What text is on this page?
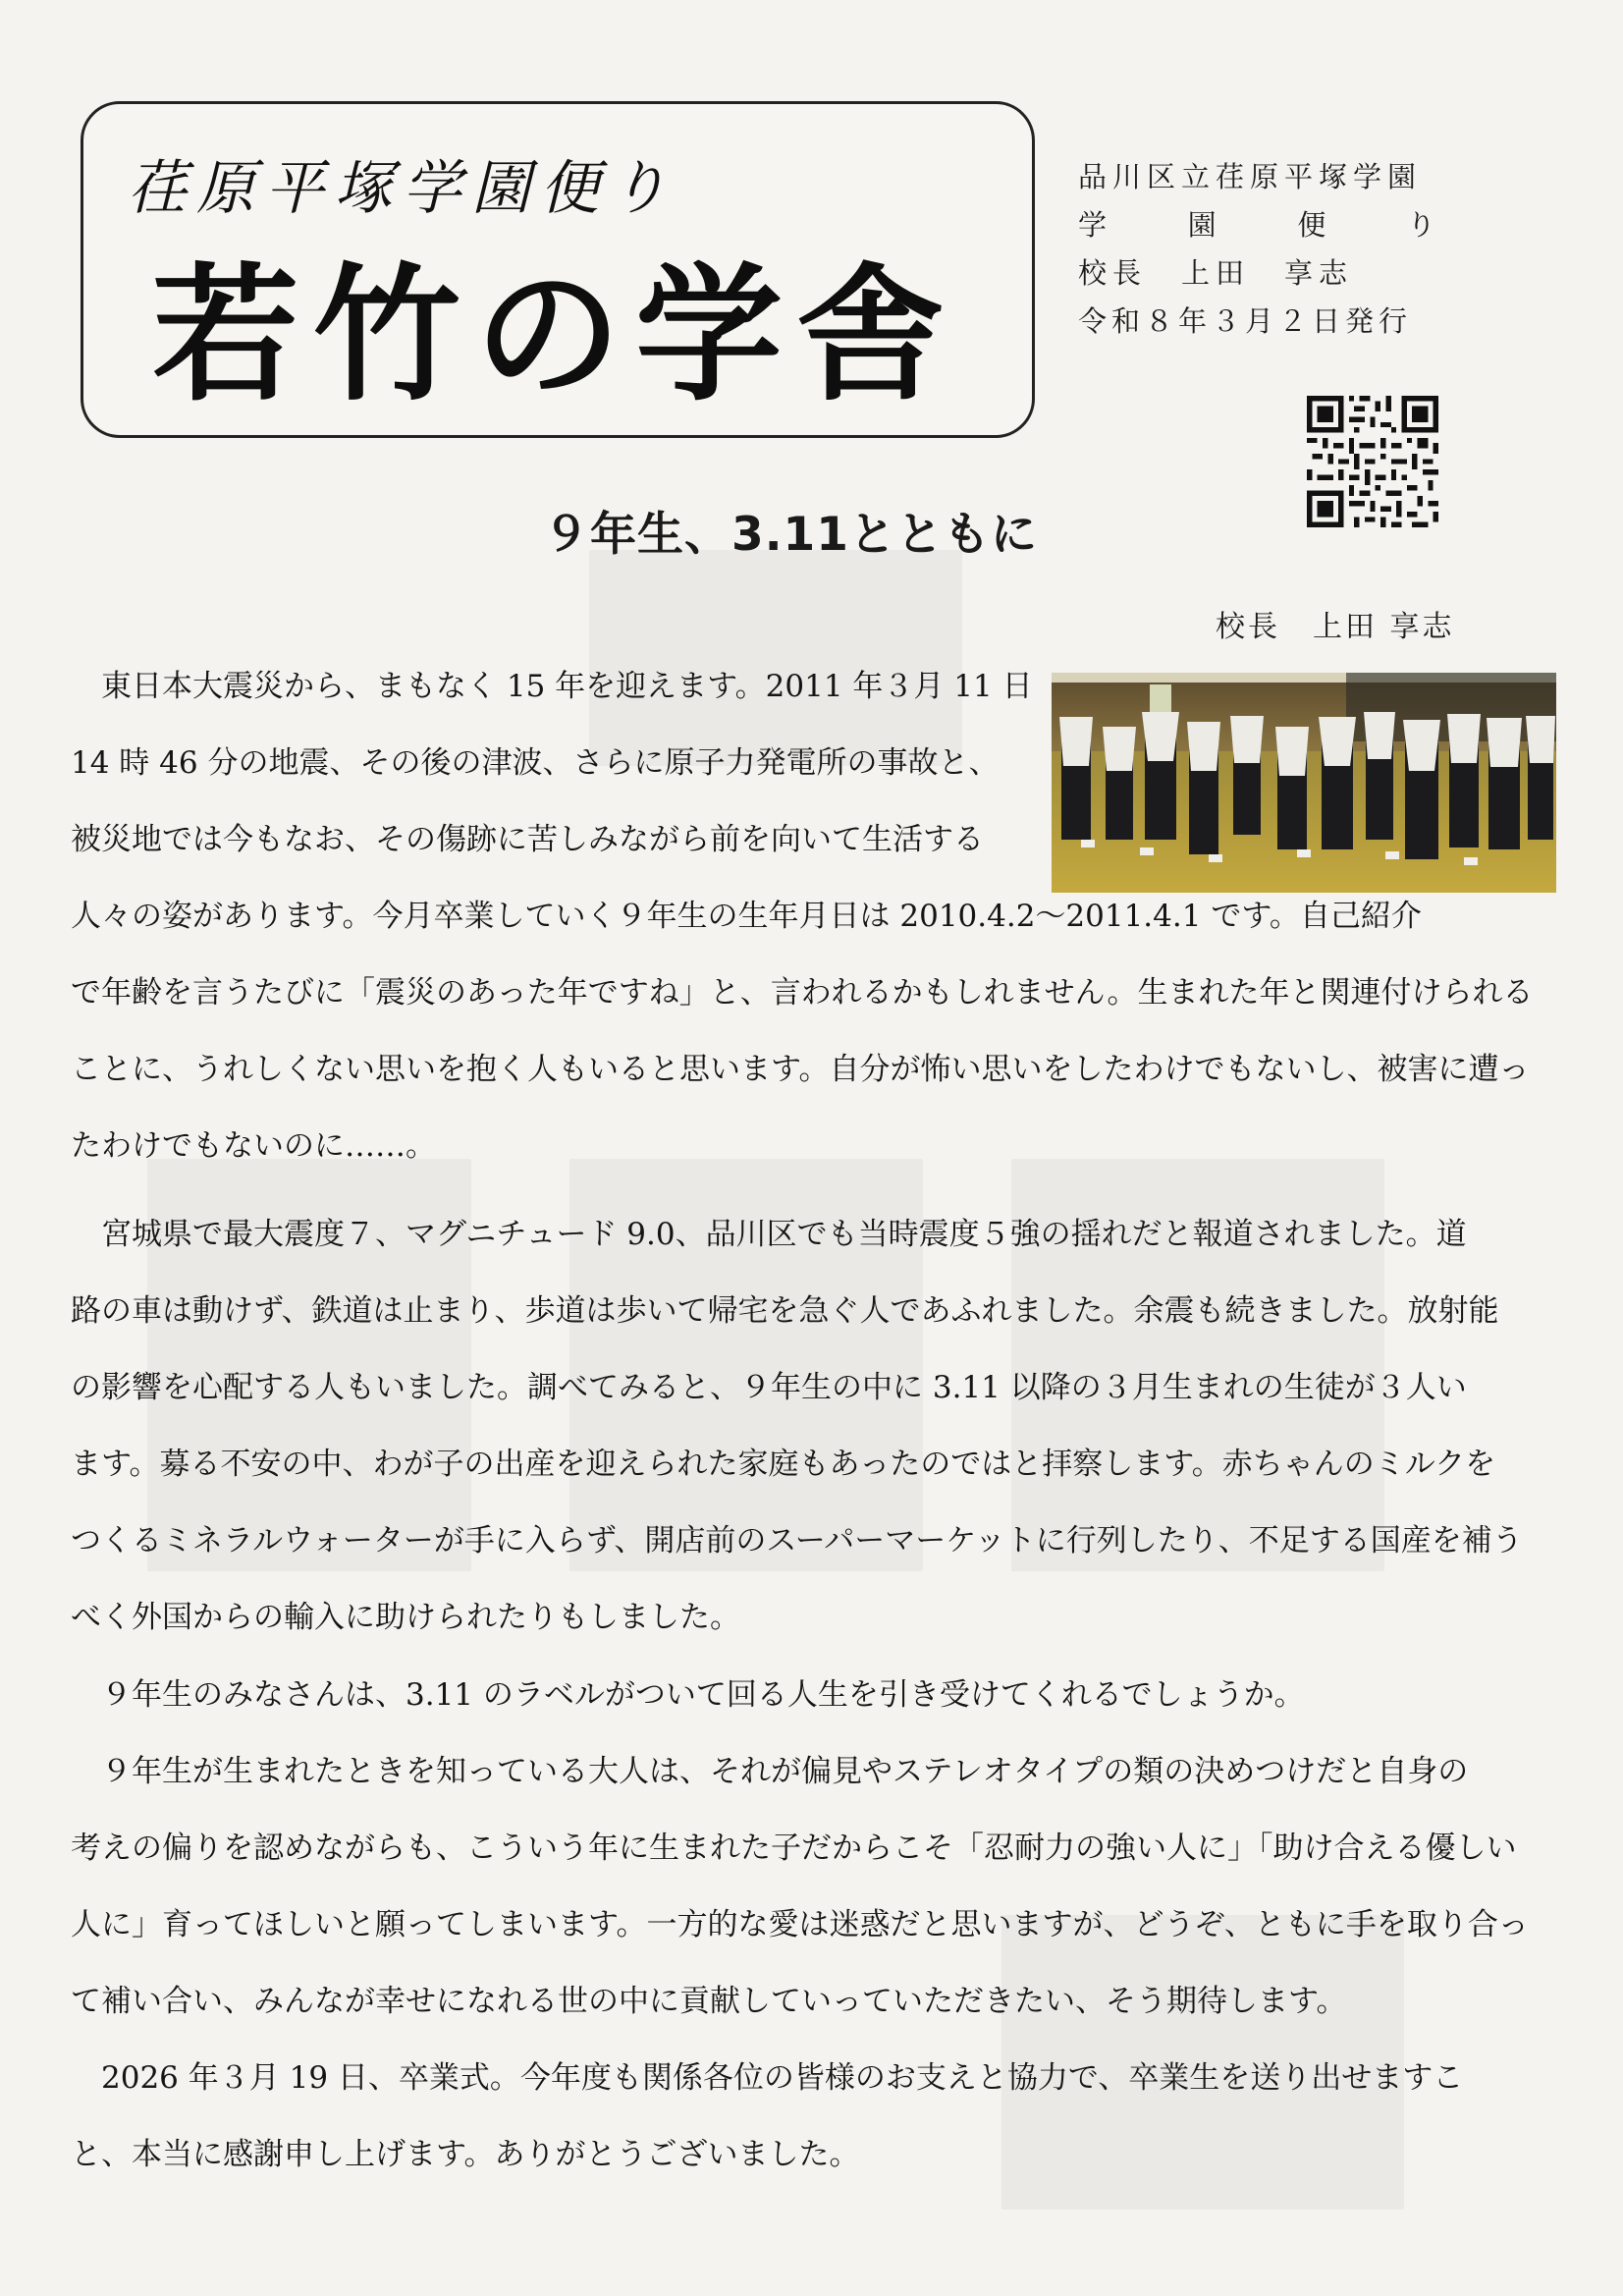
荏原平塚学園便り
若竹の学舎
品川区立荏原平塚学園
学	園	便	り
校長　 上田　享志
令和８年３月２日発行
９年生、3.11とともに
校長　上田 享志
　東日本大震災から、まもなく 15 年を迎えます。2011 年３月 11 日
14 時 46 分の地震、その後の津波、さらに原子力発電所の事故と、
被災地では今もなお、その傷跡に苦しみながら前を向いて生活する
人々の姿があります。今月卒業していく９年生の生年月日は 2010.4.2～2011.4.1 です。自己紹介
で年齢を言うたびに「震災のあった年ですね」と、言われるかもしれません。生まれた年と関連付けられる
ことに、うれしくない思いを抱く人もいると思います。自分が怖い思いをしたわけでもないし、被害に遭っ
たわけでもないのに……。
　宮城県で最大震度７、マグニチュード 9.0、品川区でも当時震度５強の揺れだと報道されました。道
路の車は動けず、鉄道は止まり、歩道は歩いて帰宅を急ぐ人であふれました。余震も続きました。放射能
の影響を心配する人もいました。調べてみると、９年生の中に 3.11 以降の３月生まれの生徒が３人い
ます。募る不安の中、わが子の出産を迎えられた家庭もあったのではと拝察します。赤ちゃんのミルクを
つくるミネラルウォーターが手に入らず、開店前のスーパーマーケットに行列したり、不足する国産を補う
べく外国からの輸入に助けられたりもしました。
　９年生のみなさんは、3.11 のラベルがついて回る人生を引き受けてくれるでしょうか。
　９年生が生まれたときを知っている大人は、それが偏見やステレオタイプの類の決めつけだと自身の
考えの偏りを認めながらも、こういう年に生まれた子だからこそ「忍耐力の強い人に」「助け合える優しい
人に」育ってほしいと願ってしまいます。一方的な愛は迷惑だと思いますが、どうぞ、ともに手を取り合っ
て補い合い、みんなが幸せになれる世の中に貢献していっていただきたい、そう期待します。
　2026 年３月 19 日、卒業式。今年度も関係各位の皆様のお支えと協力で、卒業生を送り出せますこ
と、本当に感謝申し上げます。ありがとうございました。
